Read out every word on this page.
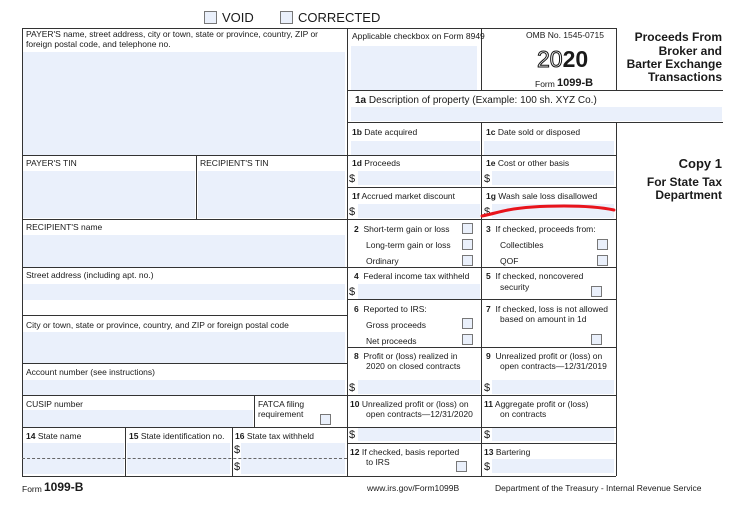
VOID	CORRECTED
PAYER'S name, street address, city or town, state or province, country, ZIP or foreign postal code, and telephone no.
Applicable checkbox on Form 8949	OMB No. 1545-0715
2020
Form 1099-B
Proceeds From
Broker and
Barter Exchange
Transactions
Copy 1
For State Tax
Department
1a Description of property (Example: 100 sh. XYZ Co.)
1b Date acquired	1c Date sold or disposed
PAYER'S TIN	RECIPIENT'S TIN	1d Proceeds
$
1e Cost or other basis
$
1f Accrued market discount
$
1g Wash sale loss disallowed
$
RECIPIENT'S name	2 Short-term gain or loss
Long-term gain or loss
Ordinary
3 If checked, proceeds from:
Collectibles
QOF
Street address (including apt. no.)	4 Federal income tax withheld
$
5 If checked, noncovered
security
City or town, state or province, country, and ZIP or foreign postal code
6 Reported to IRS:
Gross proceeds
Net proceeds
7 If checked, loss is not allowed
based on amount in 1d
Account number (see instructions)
8 Profit or (loss) realized in
2020 on closed contracts
$
9 Unrealized profit or (loss) on
open contracts—12/31/2019
$
CUSIP number	FATCA filing
requirement
10 Unrealized profit or (loss) on
open contracts—12/31/2020
$
11 Aggregate profit or (loss)
on contracts
$
14 State name	15 State identification no. 16 State tax withheld
$
$
12 If checked, basis reported
to IRS
13 Bartering
$
Form 1099-B	www.irs.gov/Form1099B	Department of the Treasury - Internal Revenue Service
